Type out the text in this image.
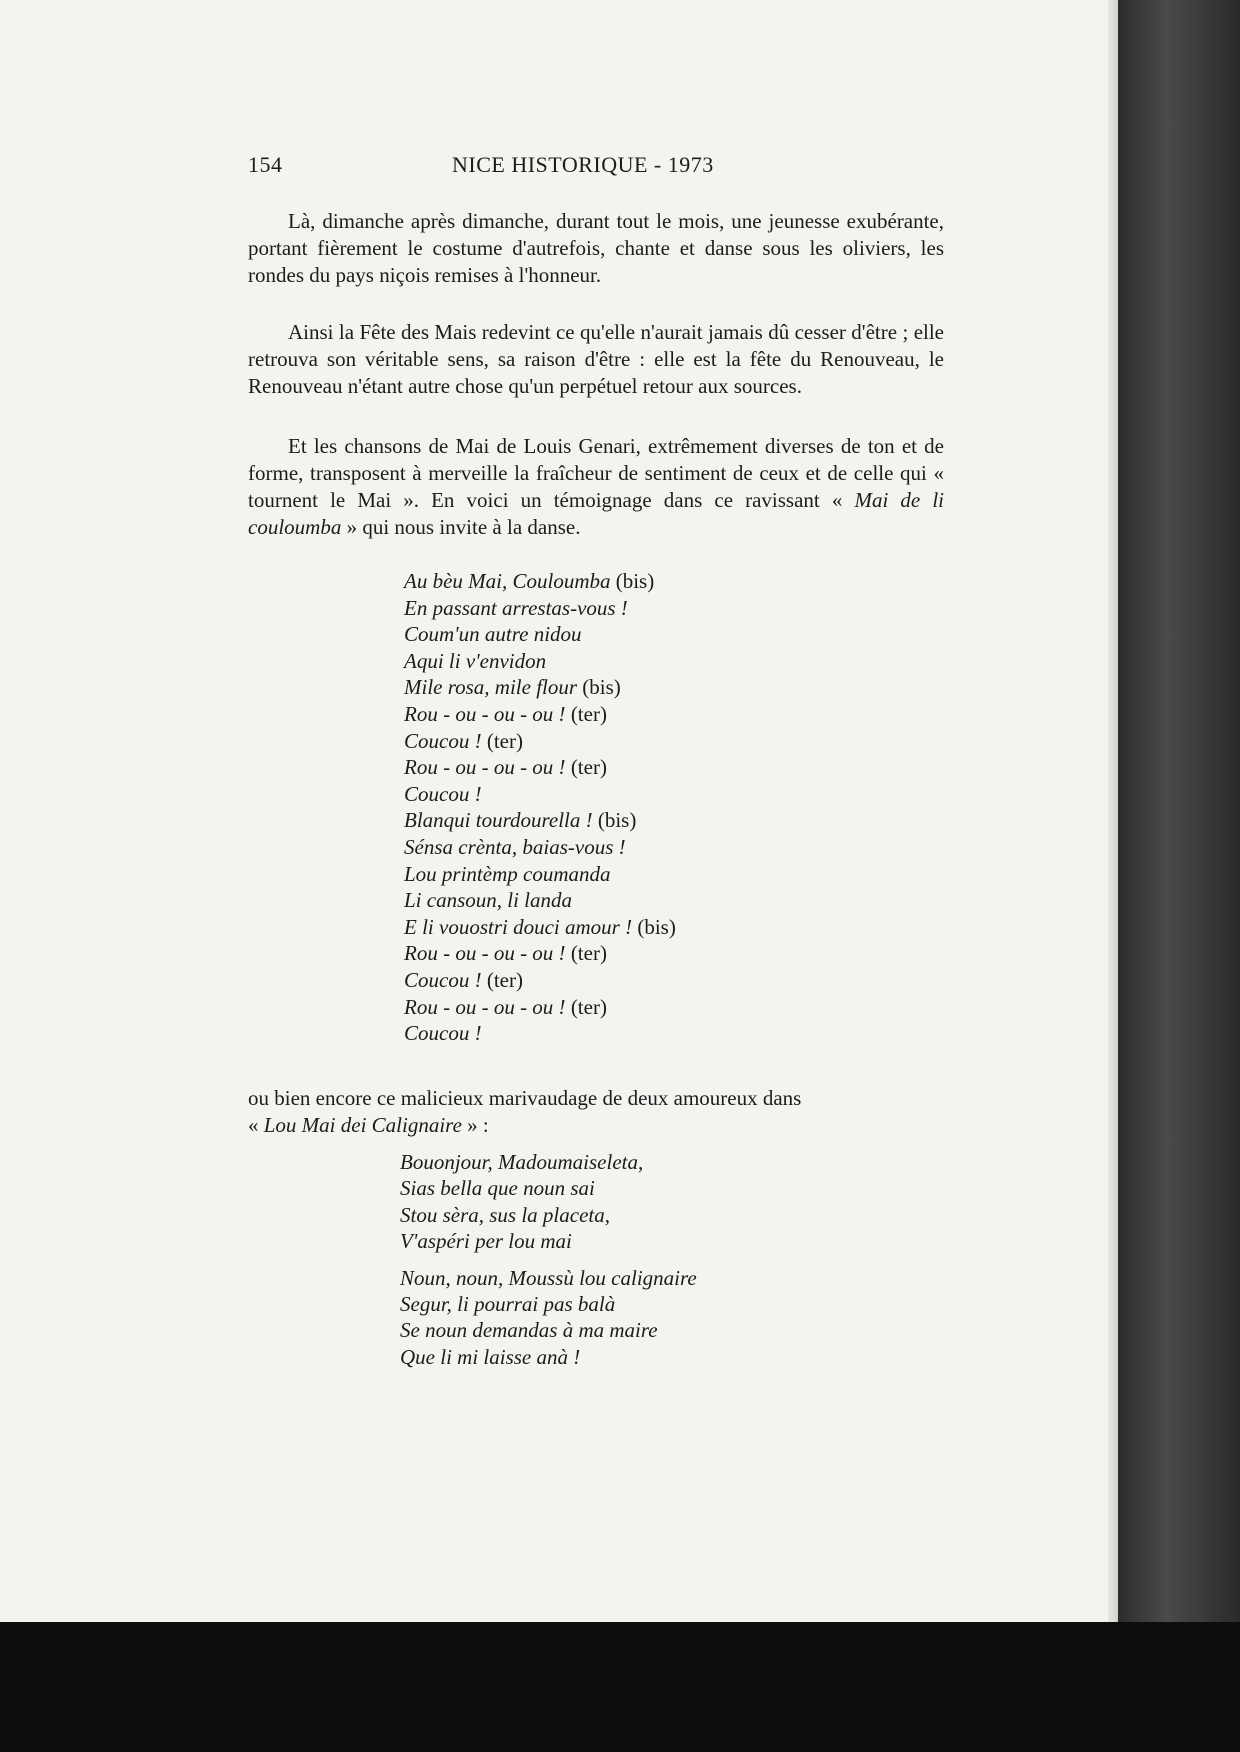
154	NICE HISTORIQUE - 1973

Là, dimanche après dimanche, durant tout le mois, une jeunesse exubérante, portant fièrement le costume d'autrefois, chante et danse sous les oliviers, les rondes du pays niçois remises à l'honneur.

Ainsi la Fête des Mais redevint ce qu'elle n'aurait jamais dû cesser d'être ; elle retrouva son véritable sens, sa raison d'être : elle est la fête du Renouveau, le Renouveau n'étant autre chose qu'un perpétuel retour aux sources.

Et les chansons de Mai de Louis Genari, extrêmement diverses de ton et de forme, transposent à merveille la fraîcheur de sentiment de ceux et de celle qui « tournent le Mai ». En voici un témoignage dans ce ravissant « Mai de li couloumba » qui nous invite à la danse.

Au bèu Mai, Couloumba (bis)
En passant arrestas-vous !
Coum'un autre nidou
Aqui li v'envidon
Mile rosa, mile flour (bis)
Rou - ou - ou - ou ! (ter)
Coucou ! (ter)
Rou - ou - ou - ou ! (ter)
Coucou !
Blanqui tourdourella ! (bis)
Sénsa crènta, baias-vous !
Lou printèmp coumanda
Li cansoun, li landa
E li vouostri douci amour ! (bis)
Rou - ou - ou - ou ! (ter)
Coucou ! (ter)
Rou - ou - ou - ou ! (ter)
Coucou !

ou bien encore ce malicieux marivaudage de deux amoureux dans
« Lou Mai dei Calignaire » :

Bouonjour, Madoumaiseleta,
Sias bella que noun sai
Stou sèra, sus la placeta,
V'aspéri per lou mai
Noun, noun, Moussù lou calignaire
Segur, li pourrai pas balà
Se noun demandas à ma maire
Que li mi laisse anà !
